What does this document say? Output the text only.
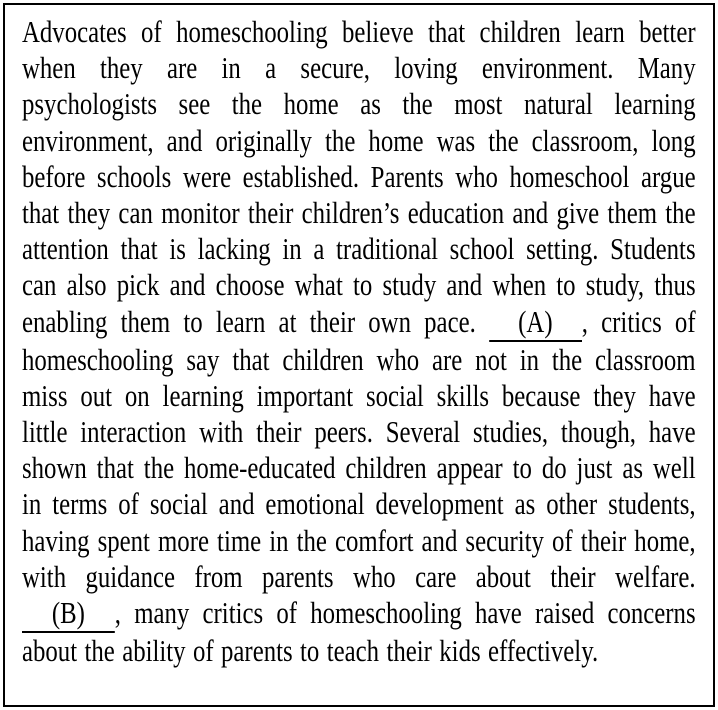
Advocates of homeschooling believe that children learn better when they are in a secure, loving environment. Many psychologists see the home as the most natural learning environment, and originally the home was the classroom, long before schools were established. Parents who homeschool argue that they can monitor their children’s education and give them the attention that is lacking in a traditional school setting. Students can also pick and choose what to study and when to study, thus enabling them to learn at their own pace. (A) , critics of homeschooling say that children who are not in the classroom miss out on learning important social skills because they have little interaction with their peers. Several studies, though, have shown that the home-educated children appear to do just as well in terms of social and emotional development as other students, having spent more time in the comfort and security of their home, with guidance from parents who care about their welfare. (B) , many critics of homeschooling have raised concerns about the ability of parents to teach their kids effectively.
